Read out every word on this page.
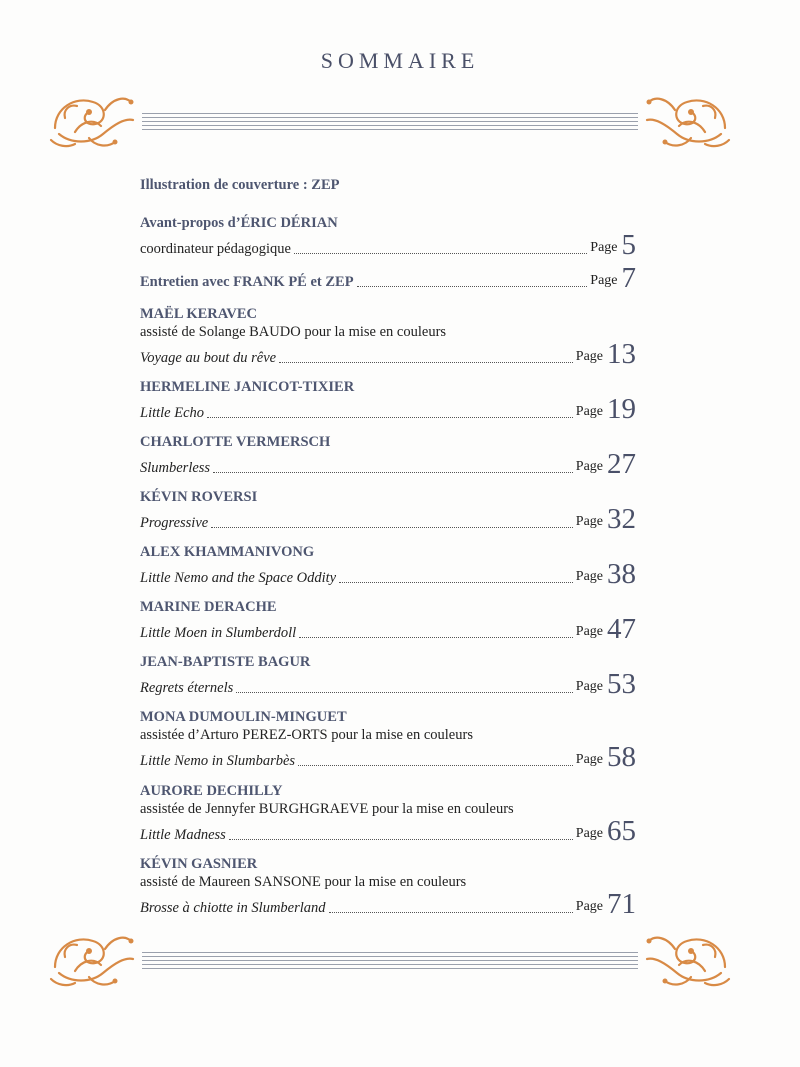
SOMMAIRE
Illustration de couverture : ZEP
Avant-propos d’ÉRIC DÉRIAN
coordinateur pédagogique	Page 5
Entretien avec FRANK PÉ et ZEP	Page 7
MAËL KERAVEC
assisté de Solange BAUDO pour la mise en couleurs
Voyage au bout du rêve	Page 13
HERMELINE JANICOT-TIXIER
Little Echo	Page 19
CHARLOTTE VERMERSCH
Slumberless	Page 27
KÉVIN ROVERSI
Progressive	Page 32
ALEX KHAMMANIVONG
Little Nemo and the Space Oddity	Page 38
MARINE DERACHE
Little Moen in Slumberdoll	Page 47
JEAN-BAPTISTE BAGUR
Regrets éternels	Page 53
MONA DUMOULIN-MINGUET
assistée d’Arturo PEREZ-ORTS pour la mise en couleurs
Little Nemo in Slumbarbès	Page 58
AURORE DECHILLY
assistée de Jennyfer BURGHGRAEVE pour la mise en couleurs
Little Madness	Page 65
KÉVIN GASNIER
assisté de Maureen SANSONE pour la mise en couleurs
Brosse à chiotte in Slumberland	Page 71
